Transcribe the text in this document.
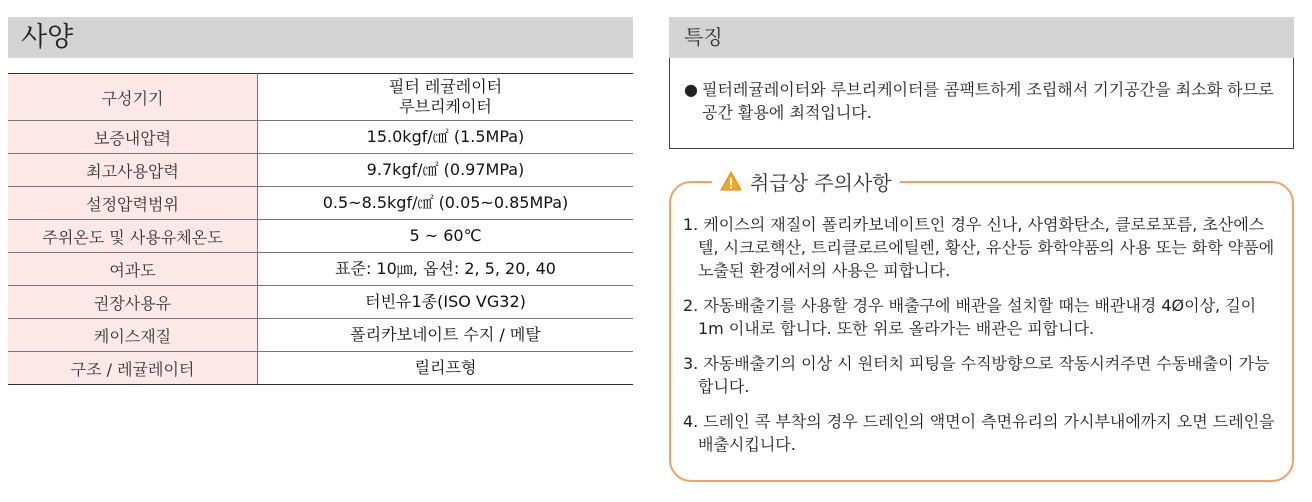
사양
구성기기	필터 레귤레이터
루브리케이터

보증내압력	15.0kgf/㎠ (1.5MPa)

최고사용압력	9.7kgf/㎠ (0.97MPa)

설정압력범위	0.5~8.5kgf/㎠ (0.05~0.85MPa)

주위온도 및 사용유체온도	5 ~ 60℃

여과도	표준: 10㎛, 옵션: 2, 5, 20, 40

권장사용유	터빈유1종(ISO VG32)

케이스재질	폴리카보네이트 수지 / 메탈

구조 / 레귤레이터	릴리프형
특징
● 필터레귤레이터와 루브리케이터를 콤팩트하게 조립해서 기기공간을 최소화 하므로 공간 활용에 최적입니다.
1. 케이스의 재질이 폴리카보네이트인 경우 신나, 사염화탄소, 클로로포름, 초산에스텔, 시크로핵산, 트리클로르에틸렌, 황산, 유산등 화학약품의 사용 또는 화학 약품에 노출된 환경에서의 사용은 피합니다.
2. 자동배출기를 사용할 경우 배출구에 배관을 설치할 때는 배관내경 4Ø이상, 길이 1m 이내로 합니다. 또한 위로 올라가는 배관은 피합니다.
3. 자동배출기의 이상 시 원터치 피팅을 수직방향으로 작동시켜주면 수동배출이 가능합니다.
4. 드레인 콕 부착의 경우 드레인의 액면이 측면유리의 가시부내에까지 오면 드레인을 배출시킵니다.
취급상 주의사항
